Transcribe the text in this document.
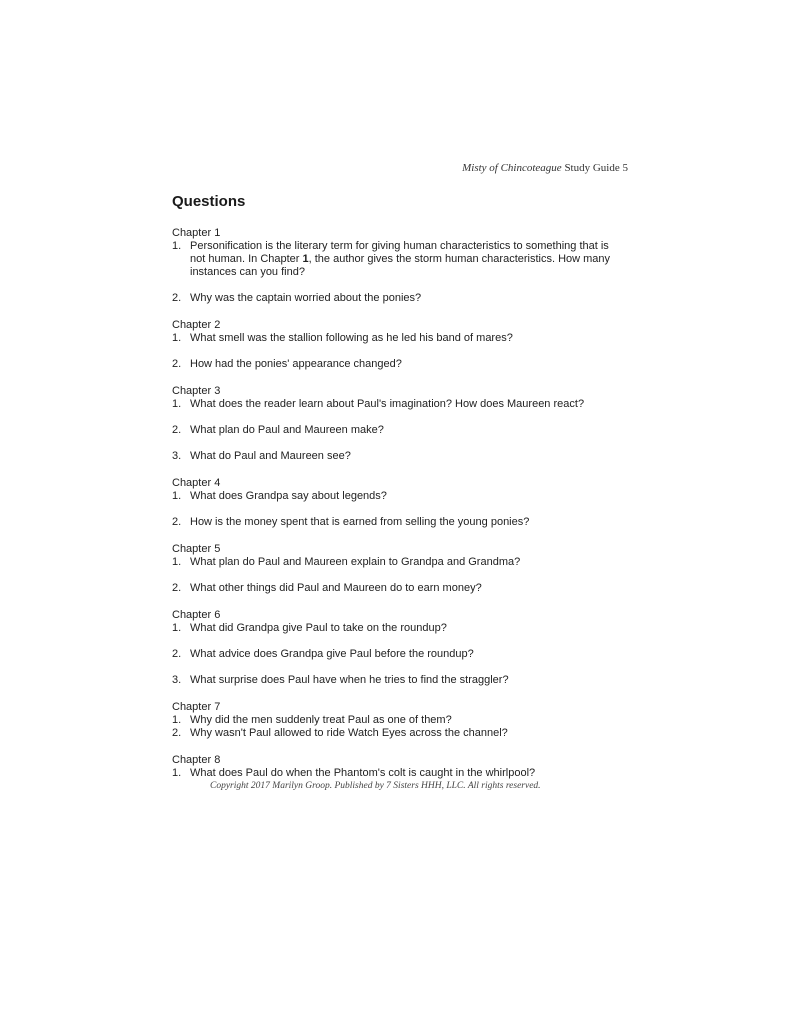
Misty of Chincoteague Study Guide 5
Questions
Chapter 1
1. Personification is the literary term for giving human characteristics to something that is not human. In Chapter 1, the author gives the storm human characteristics. How many instances can you find?
2. Why was the captain worried about the ponies?
Chapter 2
1. What smell was the stallion following as he led his band of mares?
2. How had the ponies' appearance changed?
Chapter 3
1. What does the reader learn about Paul's imagination? How does Maureen react?
2. What plan do Paul and Maureen make?
3. What do Paul and Maureen see?
Chapter 4
1. What does Grandpa say about legends?
2. How is the money spent that is earned from selling the young ponies?
Chapter 5
1. What plan do Paul and Maureen explain to Grandpa and Grandma?
2. What other things did Paul and Maureen do to earn money?
Chapter 6
1. What did Grandpa give Paul to take on the roundup?
2. What advice does Grandpa give Paul before the roundup?
3. What surprise does Paul have when he tries to find the straggler?
Chapter 7
1. Why did the men suddenly treat Paul as one of them?
2. Why wasn't Paul allowed to ride Watch Eyes across the channel?
Chapter 8
1. What does Paul do when the Phantom's colt is caught in the whirlpool?
Copyright 2017 Marilyn Groop. Published by 7 Sisters HHH, LLC. All rights reserved.
